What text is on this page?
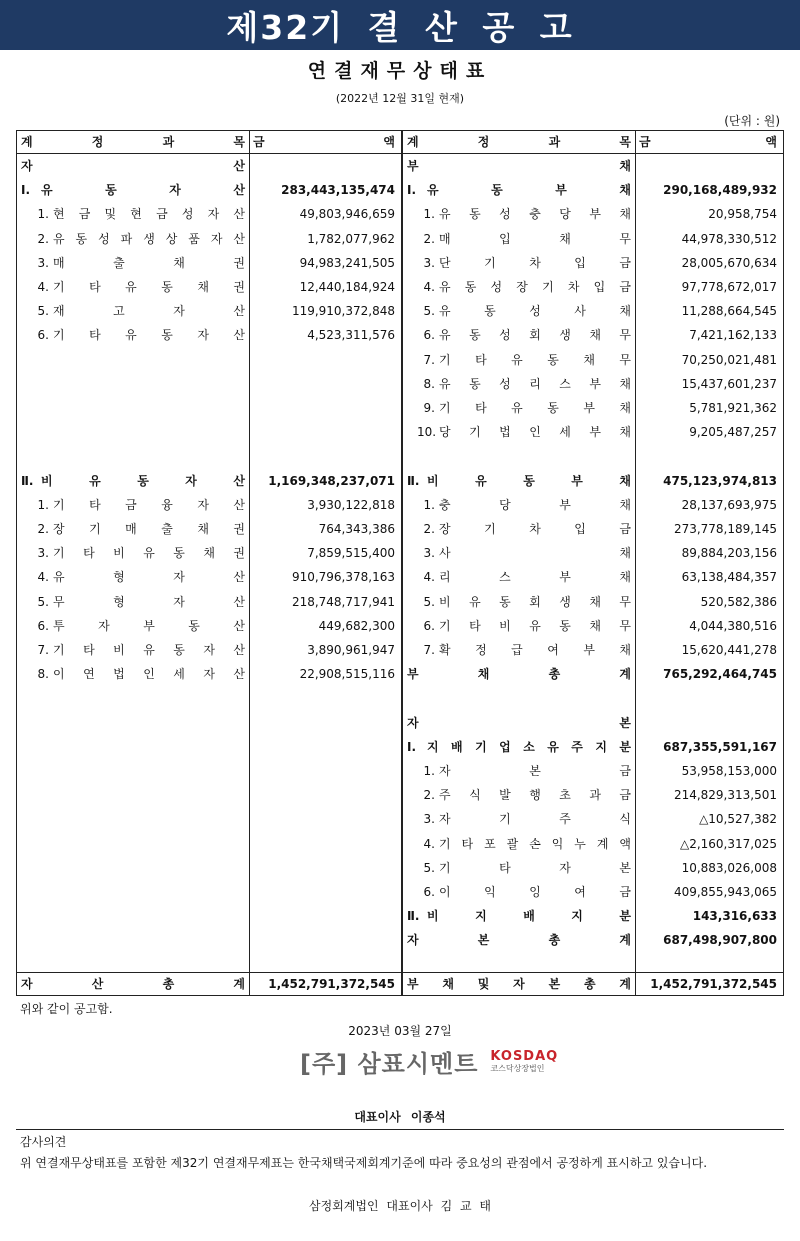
제32기 결 산 공 고
연결재무상태표
(2022년 12월 31일 현재)
(단위 : 원)
계	정	과	목 금	액
자	산
Ⅰ. 유	동	자	산	283,443,135,474
1. 현 금 및 현 금 성 자 산	49,803,946,659
2. 유 동 성 파 생 상 품 자 산	1,782,077,962
3. 매	출	채	권	94,983,241,505
4. 기 타 유 동 채 권	12,440,184,924
5. 재	고	자	산	119,910,372,848
6. 기 타 유 동 자 산	4,523,311,576
Ⅱ. 비	유	동	자	산	1,169,348,237,071
1. 기 타 금 융 자 산	3,930,122,818
2. 장 기 매 출 채 권	764,343,386
3. 기 타 비 유 동 채 권	7,859,515,400
4. 유	형	자	산	910,796,378,163
5. 무	형	자	산	218,748,717,941
6. 투	자	부	동	산	449,682,300
7. 기 타 비 유 동 자 산	3,890,961,947
8. 이 연 법 인 세 자 산	22,908,515,116
자	산	총	계	1,452,791,372,545
계	정	과	목 금	액
부	채
Ⅰ. 유	동	부	채	290,168,489,932
1. 유 동 성 충 당 부 채	20,958,754
2. 매	입	채	무	44,978,330,512
3. 단	기	차	입	금	28,005,670,634
4. 유 동 성 장 기 차 입 금	97,778,672,017
5. 유	동	성	사	채	11,288,664,545
6. 유 동 성 회 생 채 무	7,421,162,133
7. 기 타 유 동 채 무	70,250,021,481
8. 유 동 성 리 스 부 채	15,437,601,237
9. 기 타 유 동 부 채	5,781,921,362
10. 당 기 법 인 세 부 채	9,205,487,257
Ⅱ. 비	유	동	부	채	475,123,974,813
1. 충	당	부	채	28,137,693,975
2. 장	기	차	입	금	273,778,189,145
3. 사	채	89,884,203,156
4. 리	스	부	채	63,138,484,357
5. 비 유 동 회 생 채 무	520,582,386
6. 기 타 비 유 동 채 무	4,044,380,516
7. 확 정 급 여 부 채	15,620,441,278
부	채	총	계	765,292,464,745
자	본
Ⅰ. 지 배 기 업 소 유 주 지 분	687,355,591,167
1. 자	본	금	53,958,153,000
2. 주 식 발 행 초 과 금	214,829,313,501
3. 자	기	주	식	△10,527,382
4. 기 타 포 괄 손 익 누 계 액	△2,160,317,025
5. 기	타	자	본	10,883,026,008
6. 이	익	잉	여	금	409,855,943,065
Ⅱ. 비	지	배	지	분	143,316,633
자	본	총	계	687,498,907,800
부 채 및 자 본 총 계	1,452,791,372,545
위와 같이 공고함.
2023년 03월 27일
[주] 삼표시멘트 KOSDAQ
코스닥상장법인
대표이사 이종석
감사의견
위 연결재무상태표를 포함한 제32기 연결재무제표는 한국채택국제회계기준에 따라 중요성의 관점에서 공정하게 표시하고 있습니다.
삼정회계법인 대표이사 김 교 태
